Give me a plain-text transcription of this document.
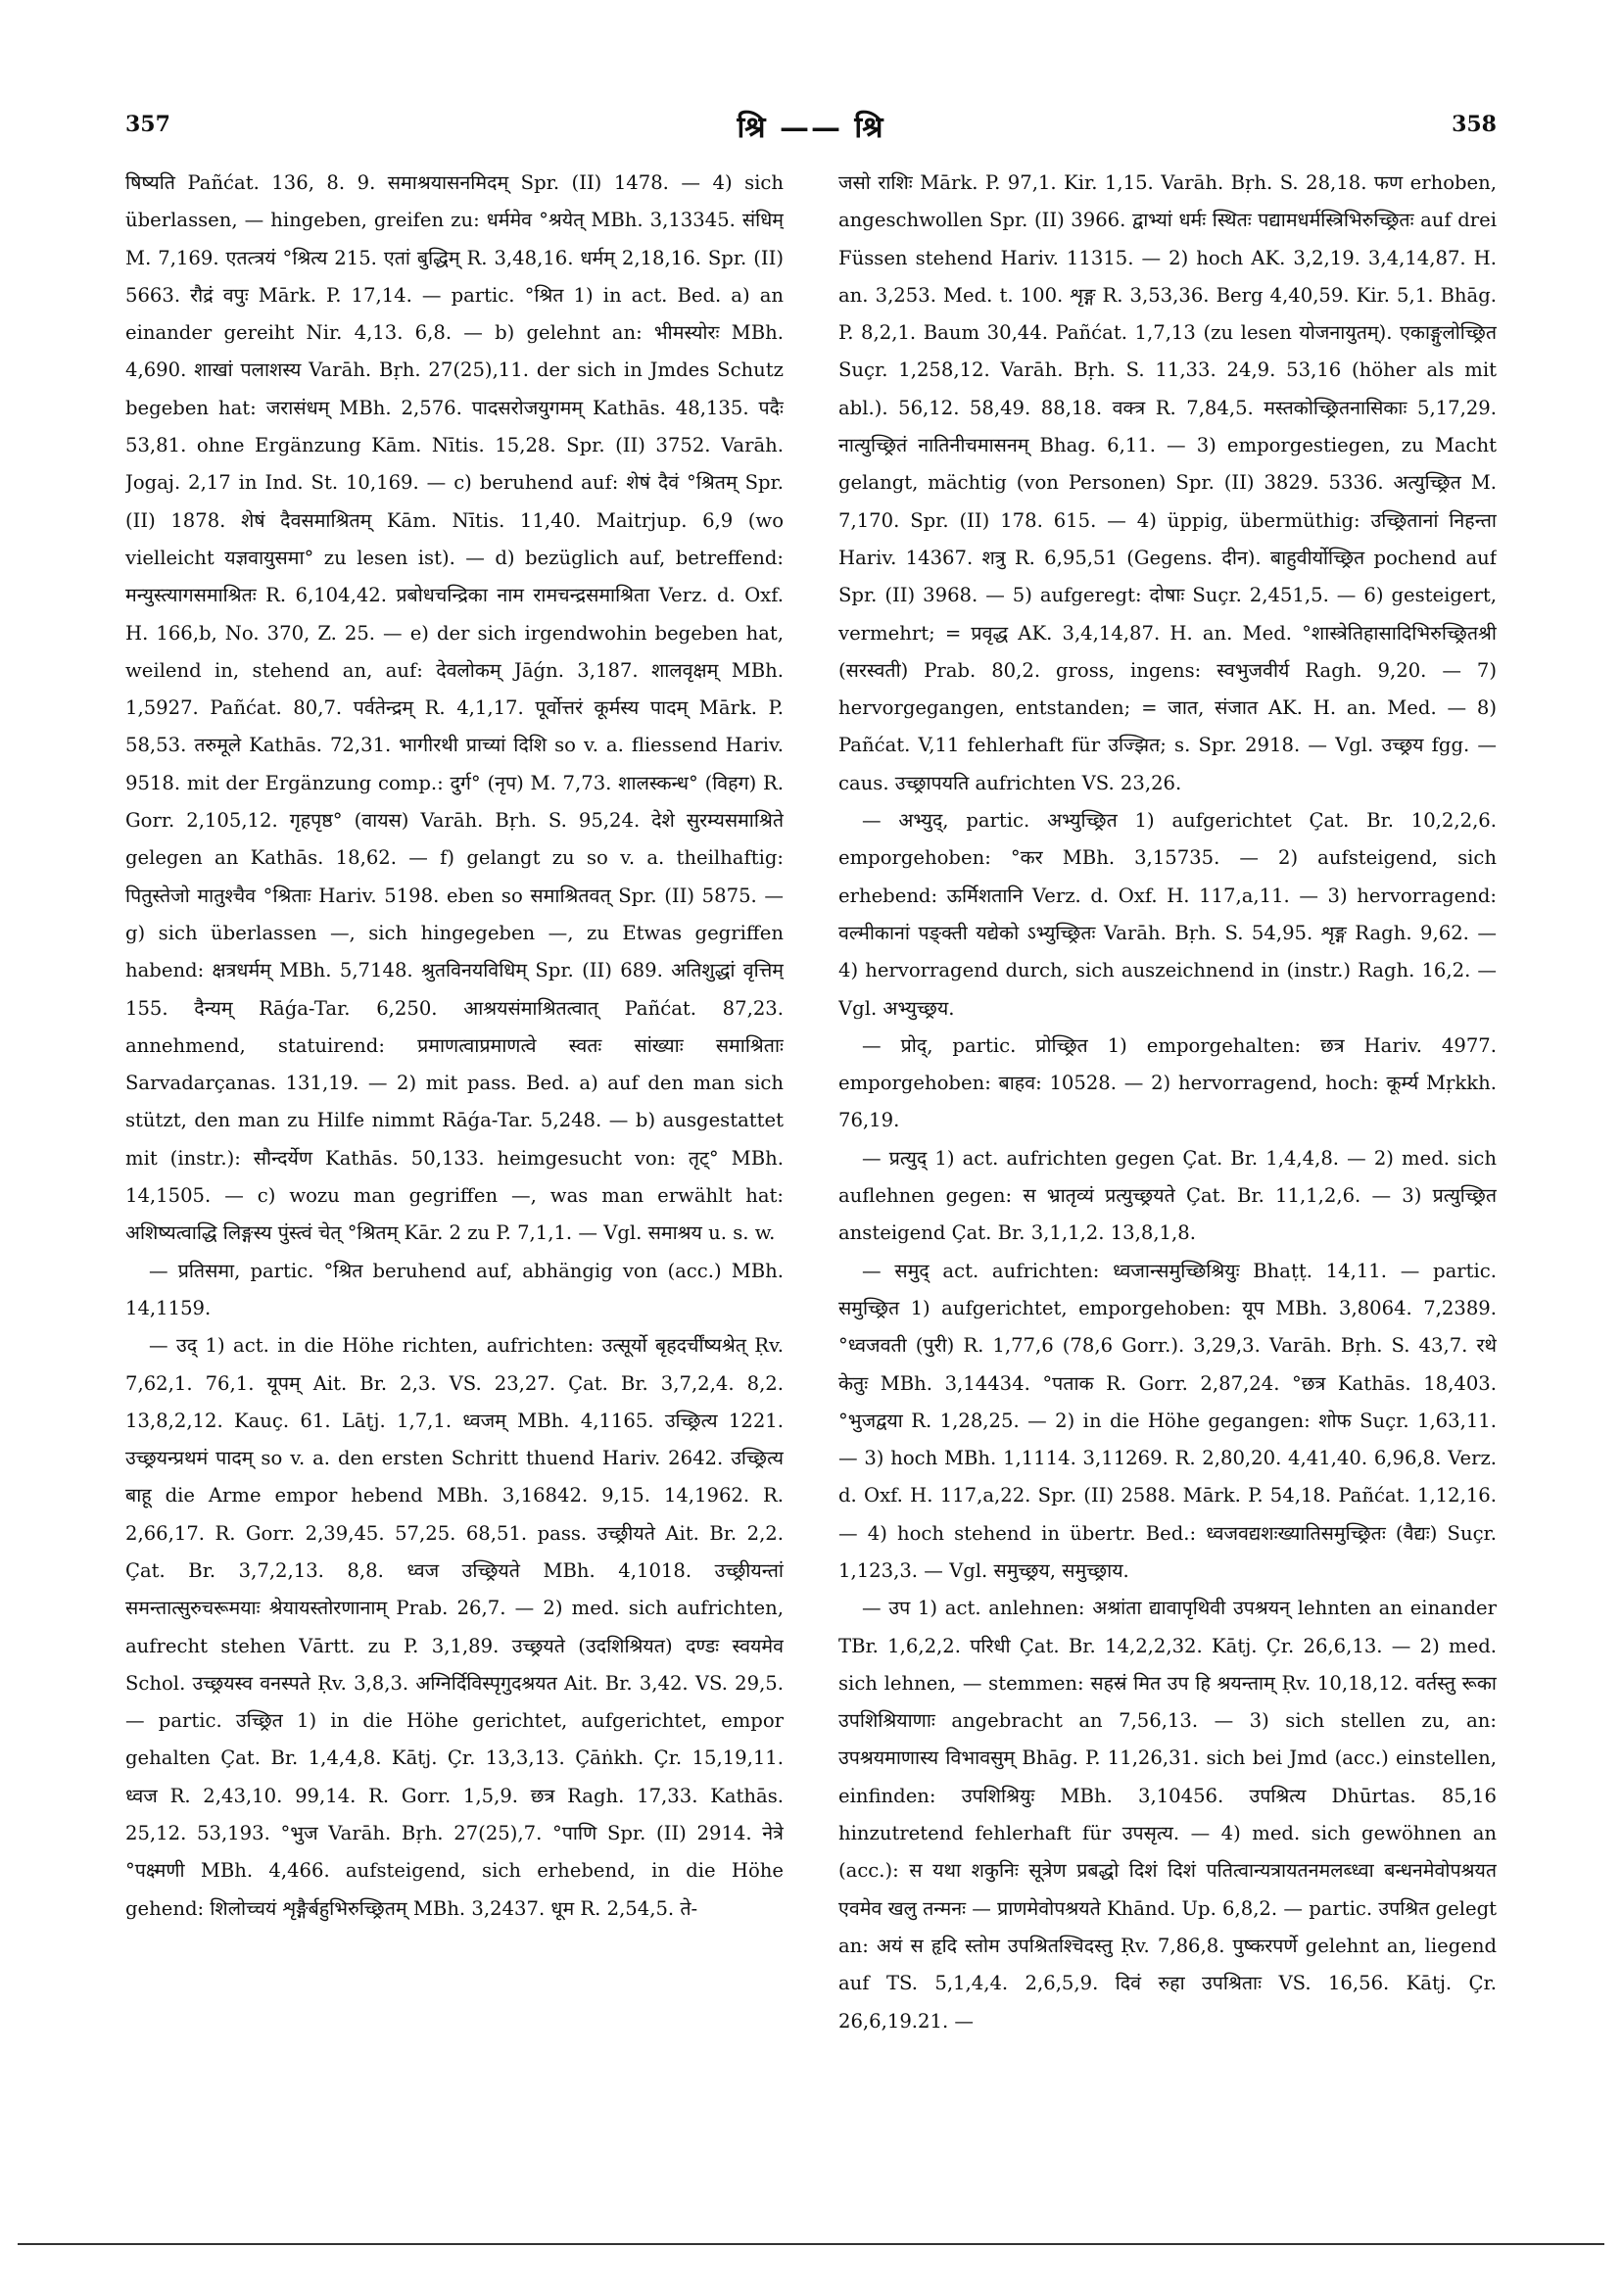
357	श्रि —— श्रि	358

षिष्यति Pañćat. 136, 8. 9. समाश्रयासनमिदम् Spr. (II) 1478. — 4) sich überlassen, — hingeben, greifen zu: धर्ममेव °श्रयेत् MBh. 3,13345. संधिम् M. 7,169. एतत्त्रयं °श्रित्य 215. एतां बुद्धिम् R. 3,48,16. धर्मम् 2,18,16. Spr. (II) 5663. रौद्रं वपुः Mārk. P. 17,14. — partic. °श्रित 1) in act. Bed. a) an einander gereiht Nir. 4,13. 6,8. — b) gelehnt an: भीमस्योरः MBh. 4,690. शाखां पलाशस्य Varāh. Bṛh. 27(25),11. der sich in Jmdes Schutz begeben hat: जरासंधम् MBh. 2,576. पादसरोजयुगमम् Kathās. 48,135. पदैः 53,81. ohne Ergänzung Kām. Nītis. 15,28. Spr. (II) 3752. Varāh. Jogaj. 2,17 in Ind. St. 10,169. — c) beruhend auf: शेषं दैवं °श्रितम् Spr. (II) 1878. शेषं दैवसमाश्रितम् Kām. Nītis. 11,40. Maitrjup. 6,9 (wo vielleicht यज्ञवायुसमा° zu lesen ist). — d) bezüglich auf, betreffend: मन्युस्त्यागसमाश्रितः R. 6,104,42. प्रबोधचन्द्रिका नाम रामचन्द्रसमाश्रिता Verz. d. Oxf. H. 166,b, No. 370, Z. 25. — e) der sich irgendwohin begeben hat, weilend in, stehend an, auf: देवलोकम् Jāǵn. 3,187. शालवृक्षम् MBh. 1,5927. Pañćat. 80,7. पर्वतेन्द्रम् R. 4,1,17. पूर्वोत्तरं कूर्मस्य पादम् Mārk. P. 58,53. तरुमूले Kathās. 72,31. भागीरथी प्राच्यां दिशि so v. a. fliessend Hariv. 9518. mit der Ergänzung comp.: दुर्ग° (नृप) M. 7,73. शालस्कन्ध° (विहग) R. Gorr. 2,105,12. गृहपृष्ठ° (वायस) Varāh. Bṛh. S. 95,24. देशे सुरम्यसमाश्रिते gelegen an Kathās. 18,62. — f) gelangt zu so v. a. theilhaftig: पितुस्तेजो मातुश्चैव °श्रिताः Hariv. 5198. eben so समाश्रितवत् Spr. (II) 5875. — g) sich überlassen —, sich hingegeben —, zu Etwas gegriffen habend: क्षत्रधर्मम् MBh. 5,7148. श्रुतविनयविधिम् Spr. (II) 689. अतिशुद्धां वृत्तिम् 155. दैन्यम् Rāǵa-Tar. 6,250. आश्रयसंमाश्रितत्वात् Pañćat. 87,23. annehmend, statuirend: प्रमाणत्वाप्रमाणत्वे स्वतः सांख्याः समाश्रिताः Sarvadarçanas. 131,19. — 2) mit pass. Bed. a) auf den man sich stützt, den man zu Hilfe nimmt Rāǵa-Tar. 5,248. — b) ausgestattet mit (instr.): सौन्दर्येण Kathās. 50,133. heimgesucht von: तृट्° MBh. 14,1505. — c) wozu man gegriffen —, was man erwählt hat: अशिष्यत्वाद्धि लिङ्गस्य पुंस्त्वं चेत् °श्रितम् Kār. 2 zu P. 7,1,1. — Vgl. समाश्रय u. s. w.

— प्रतिसमा, partic. °श्रित beruhend auf, abhängig von (acc.) MBh. 14,1159.

— उद् 1) act. in die Höhe richten, aufrichten: उत्सूर्यो बृहदर्चींष्यश्रेत् Ṛv. 7,62,1. 76,1. यूपम् Ait. Br. 2,3. VS. 23,27. Çat. Br. 3,7,2,4. 8,2. 13,8,2,12. Kauç. 61. Lāṭj. 1,7,1. ध्वजम् MBh. 4,1165. उच्छ्रित्य 1221. उच्छ्रयन्प्रथमं पादम् so v. a. den ersten Schritt thuend Hariv. 2642. उच्छ्रित्य बाहू die Arme empor hebend MBh. 3,16842. 9,15. 14,1962. R. 2,66,17. R. Gorr. 2,39,45. 57,25. 68,51. pass. उच्छ्रीयते Ait. Br. 2,2. Çat. Br. 3,7,2,13. 8,8. ध्वज उच्छ्रियते MBh. 4,1018. उच्छ्रीयन्तां समन्तात्सुरुचरूमयाः श्रेयायस्तोरणानाम् Prab. 26,7. — 2) med. sich aufrichten, aufrecht stehen Vārtt. zu P. 3,1,89. उच्छ्रयते (उदशिश्रियत) दण्डः स्वयमेव Schol. उच्छ्रयस्व वनस्पते Ṛv. 3,8,3. अग्निर्दिविस्पृगुदश्रयत Ait. Br. 3,42. VS. 29,5. — partic. उच्छ्रित 1) in die Höhe gerichtet, aufgerichtet, empor gehalten Çat. Br. 1,4,4,8. Kātj. Çr. 13,3,13. Çāṅkh. Çr. 15,19,11. ध्वज R. 2,43,10. 99,14. R. Gorr. 1,5,9. छत्र Ragh. 17,33. Kathās. 25,12. 53,193. °भुज Varāh. Bṛh. 27(25),7. °पाणि Spr. (II) 2914. नेत्रे °पक्ष्मणी MBh. 4,466. aufsteigend, sich erhebend, in die Höhe gehend: शिलोच्चयं शृङ्गैर्बहुभिरुच्छ्रितम् MBh. 3,2437. धूम R. 2,54,5. ते-

जसो राशिः Mārk. P. 97,1. Kir. 1,15. Varāh. Bṛh. S. 28,18. फण erhoben, angeschwollen Spr. (II) 3966. द्वाभ्यां धर्मः स्थितः पद्यामधर्मस्त्रिभिरुच्छ्रितः auf drei Füssen stehend Hariv. 11315. — 2) hoch AK. 3,2,19. 3,4,14,87. H. an. 3,253. Med. t. 100. शृङ्ग R. 3,53,36. Berg 4,40,59. Kir. 5,1. Bhāg. P. 8,2,1. Baum 30,44. Pañćat. 1,7,13 (zu lesen योजनायुतम्). एकाङ्गुलोच्छ्रित Suçr. 1,258,12. Varāh. Bṛh. S. 11,33. 24,9. 53,16 (höher als mit abl.). 56,12. 58,49. 88,18. वक्त्र R. 7,84,5. मस्तकोच्छ्रितनासिकाः 5,17,29. नात्युच्छ्रितं नातिनीचमासनम् Bhag. 6,11. — 3) emporgestiegen, zu Macht gelangt, mächtig (von Personen) Spr. (II) 3829. 5336. अत्युच्छ्रित M. 7,170. Spr. (II) 178. 615. — 4) üppig, übermüthig: उच्छ्रितानां निहन्ता Hariv. 14367. शत्रु R. 6,95,51 (Gegens. दीन). बाहुवीर्योच्छ्रित pochend auf Spr. (II) 3968. — 5) aufgeregt: दोषाः Suçr. 2,451,5. — 6) gesteigert, vermehrt; = प्रवृद्ध AK. 3,4,14,87. H. an. Med. °शास्त्रेतिहासादिभिरुच्छ्रितश्री (सरस्वती) Prab. 80,2. gross, ingens: स्वभुजवीर्य Ragh. 9,20. — 7) hervorgegangen, entstanden; = जात, संजात AK. H. an. Med. — 8) Pañćat. V,11 fehlerhaft für उज्झित; s. Spr. 2918. — Vgl. उच्छ्रय fgg. — caus. उच्छ्रापयति aufrichten VS. 23,26.

— अभ्युद्, partic. अभ्युच्छ्रित 1) aufgerichtet Çat. Br. 10,2,2,6. emporgehoben: °कर MBh. 3,15735. — 2) aufsteigend, sich erhebend: ऊर्मिशतानि Verz. d. Oxf. H. 117,a,11. — 3) hervorragend: वल्मीकानां पङ्क्ती यद्येको ऽभ्युच्छ्रितः Varāh. Bṛh. S. 54,95. शृङ्ग Ragh. 9,62. — 4) hervorragend durch, sich auszeichnend in (instr.) Ragh. 16,2. — Vgl. अभ्युच्छ्रय.

— प्रोद्, partic. प्रोच्छ्रित 1) emporgehalten: छत्र Hariv. 4977. emporgehoben: बाहव: 10528. — 2) hervorragend, hoch: कूर्म्य Mṛkkh. 76,19.

— प्रत्युद् 1) act. aufrichten gegen Çat. Br. 1,4,4,8. — 2) med. sich auflehnen gegen: स भ्रातृव्यं प्रत्युच्छ्रयते Çat. Br. 11,1,2,6. — 3) प्रत्युच्छ्रित ansteigend Çat. Br. 3,1,1,2. 13,8,1,8.

— समुद् act. aufrichten: ध्वजान्समुच्छिश्रियुः Bhaṭṭ. 14,11. — partic. समुच्छ्रित 1) aufgerichtet, emporgehoben: यूप MBh. 3,8064. 7,2389. °ध्वजवती (पुरी) R. 1,77,6 (78,6 Gorr.). 3,29,3. Varāh. Bṛh. S. 43,7. रथे केतुः MBh. 3,14434. °पताक R. Gorr. 2,87,24. °छत्र Kathās. 18,403. °भुजद्वया R. 1,28,25. — 2) in die Höhe gegangen: शोफ Suçr. 1,63,11. — 3) hoch MBh. 1,1114. 3,11269. R. 2,80,20. 4,41,40. 6,96,8. Verz. d. Oxf. H. 117,a,22. Spr. (II) 2588. Mārk. P. 54,18. Pañćat. 1,12,16. — 4) hoch stehend in übertr. Bed.: ध्वजवद्यशःख्यातिसमुच्छ्रितः (वैद्यः) Suçr. 1,123,3. — Vgl. समुच्छ्रय, समुच्छ्राय.

— उप 1) act. anlehnen: अश्रांता द्यावापृथिवी उपश्रयन् lehnten an einander TBr. 1,6,2,2. परिधी Çat. Br. 14,2,2,32. Kātj. Çr. 26,6,13. — 2) med. sich lehnen, — stemmen: सहस्रं मित उप हि श्रयन्ताम् Ṛv. 10,18,12. वर्तस्तु रूका उपशिश्रियाणाः angebracht an 7,56,13. — 3) sich stellen zu, an: उपश्रयमाणास्य विभावसुम् Bhāg. P. 11,26,31. sich bei Jmd (acc.) einstellen, einfinden: उपशिश्रियुः MBh. 3,10456. उपश्रित्य Dhūrtas. 85,16 hinzutretend fehlerhaft für उपसृत्य. — 4) med. sich gewöhnen an (acc.): स यथा शकुनिः सूत्रेण प्रबद्धो दिशं दिशं पतित्वान्यत्रायतनमलब्ध्वा बन्धनमेवोपश्रयत एवमेव खलु तन्मनः — प्राणमेवोपश्रयते Khānd. Up. 6,8,2. — partic. उपश्रित gelegt an: अयं स हृदि स्तोम उपश्रितश्चिदस्तु Ṛv. 7,86,8. पुष्करपर्णे gelehnt an, liegend auf TS. 5,1,4,4. 2,6,5,9. दिवं रुहा उपश्रिताः VS. 16,56. Kātj. Çr. 26,6,19.21. —
